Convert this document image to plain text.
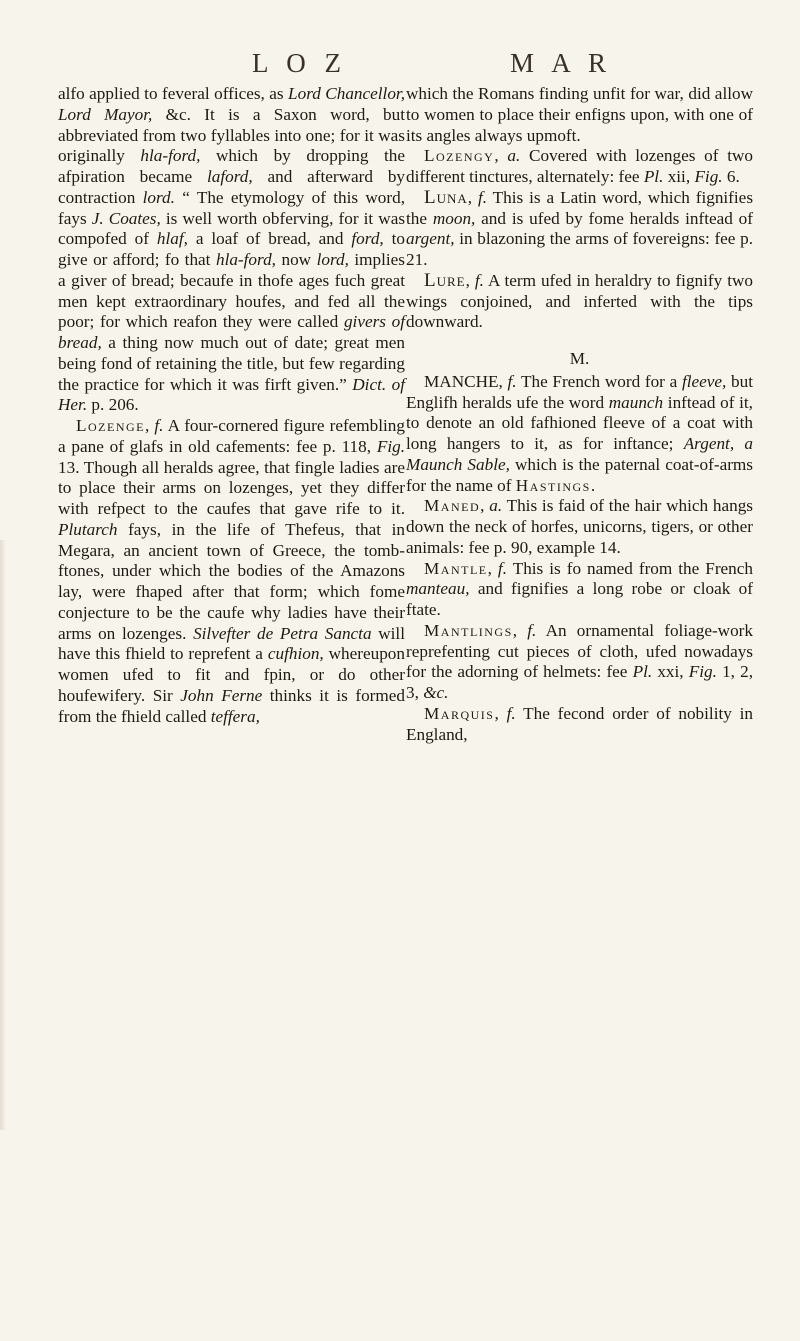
L O Z	M A R

alfo applied to feveral offices, as Lord Chancellor, Lord Mayor, &c. It is a Saxon word, but abbreviated from two fyllables into one; for it was originally hla-ford, which by dropping the afpiration became laford, and afterward by contraction lord. “ The etymology of this word, fays J. Coates, is well worth obferving, for it was compofed of hlaf, a loaf of bread, and ford, to give or afford; fo that hla-ford, now lord, implies a giver of bread; becaufe in thofe ages fuch great men kept extraordinary houfes, and fed all the poor; for which reafon they were called givers of bread, a thing now much out of date; great men being fond of retaining the title, but few regarding the practice for which it was firft given.” Dict. of Her. p. 206.

Lozenge, f. A four-cornered figure refembling a pane of glafs in old cafements: fee p. 118, Fig. 13. Though all heralds agree, that fingle ladies are to place their arms on lozenges, yet they differ with refpect to the caufes that gave rife to it. Plutarch fays, in the life of Thefeus, that in Megara, an ancient town of Greece, the tomb-ftones, under which the bodies of the Amazons lay, were fhaped after that form; which fome conjecture to be the caufe why ladies have their arms on lozenges. Silvefter de Petra Sancta will have this fhield to reprefent a cufhion, whereupon women ufed to fit and fpin, or do other houfewifery. Sir John Ferne thinks it is formed from the fhield called teffera,

which the Romans finding unfit for war, did allow to women to place their enfigns upon, with one of its angles always upmoft.

Lozengy, a. Covered with lozenges of two different tinctures, alternately: fee Pl. xii, Fig. 6.

Luna, f. This is a Latin word, which fignifies the moon, and is ufed by fome heralds inftead of argent, in blazoning the arms of fovereigns: fee p. 21.

Lure, f. A term ufed in heraldry to fignify two wings conjoined, and inferted with the tips downward.

M.

MANCHE, f. The French word for a fleeve, but Englifh heralds ufe the word maunch inftead of it, to denote an old fafhioned fleeve of a coat with long hangers to it, as for inftance; Argent, a Maunch Sable, which is the paternal coat-of-arms for the name of Hastings.

Maned, a. This is faid of the hair which hangs down the neck of horfes, unicorns, tigers, or other animals: fee p. 90, example 14.

Mantle, f. This is fo named from the French manteau, and fignifies a long robe or cloak of ftate.

Mantlings, f. An ornamental foliage-work reprefenting cut pieces of cloth, ufed nowadays for the adorning of helmets: fee Pl. xxi, Fig. 1, 2, 3, &c.

Marquis, f. The fecond order of nobility in England,
